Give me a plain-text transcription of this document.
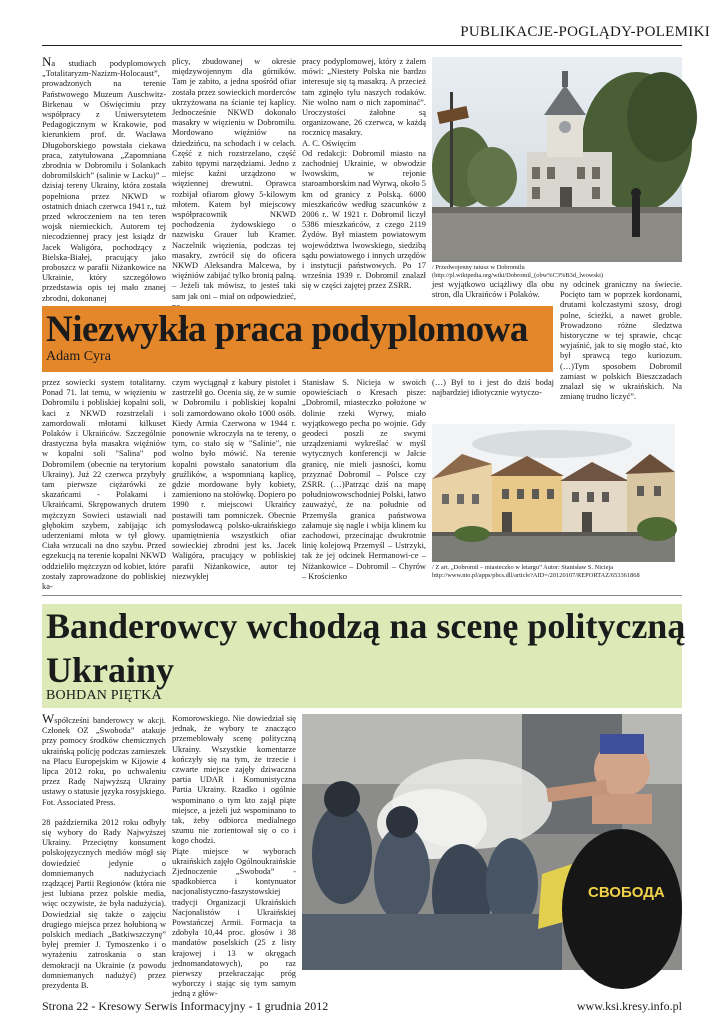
PUBLIKACJE-POGLĄDY-POLEMIKI

Na studiach podyplomowych „Totalitaryzm-Nazizm-Holocaust”, prowadzonych na terenie Państwowego Muzeum Auschwitz-Birkenau w Oświęcimiu przy współpracy z Uniwersytetem Pedagogicznym w Krakowie, pod kierunkiem prof. dr. Wacława Długoborskiego powstała ciekawa praca, zatytułowana „Zapomniana zbrodnia w Dobromilu i Solankach dobromilskich” (salinie w Lacku)” – dzisiaj tereny Ukrainy, która została popełniona przez NKWD w ostatnich dniach czerwca 1941 r., tuż przed wkroczeniem na ten teren wojsk niemieckich. Autorem tej niecodziennej pracy jest ksiądz dr Jacek Waligóra, pochodzący z Bielska-Białej, pracujący jako proboszcz w parafii Niżankowice na Ukrainie, który szczegółowo przedstawia opis tej mało znanej zbrodni, dokonanej

plicy, zbudowanej w okresie międzywojennym dla górników. Tam je zabito, a jedna spośród ofiar została przez sowieckich morderców ukrzyżowana na ścianie tej kaplicy. Jednocześnie NKWD dokonało masakry w więzieniu w Dobromilu. Mordowano więźniów na dziedzińcu, na schodach i w celach. Część z nich rozstrzelano, część zabito tępymi narzędziami. Jedno z miejsc kaźni urządzono w więziennej drewutni. Oprawca rozbijał ofiarom głowy 5-kilowym młotem. Katem był miejscowy współpracownik NKWD pochodzenia żydowskiego o nazwisku Grauer lub Kramer. Naczelnik więzienia, podczas tej masakry, zwrócił się do oficera NKWD Aleksandra Malcewa, by więźniów zabijać tylko bronią palną. – Jeżeli tak mówisz, to jesteś taki sam jak oni – miał on odpowiedzieć,

pracy podyplomowej, który z żalem mówi: „Niestety Polska nie bardzo interesuje się tą masakrą. A przecież tam zginęło tylu naszych rodaków. Nie wolno nam o nich zapominać”. Uroczystości żałobne są organizowane, 26 czerwca, w każdą rocznicę masakry.

A. C. Oświęcim

Od redakcji: Dobromil miasto na zachodniej Ukrainie, w obwodzie lwowskim, w rejonie staroamborskim nad Wyrwą, około 5 km od granicy z Polską. 6000 mieszkańców według szacunków z 2006 r.. W 1921 r. Dobromil liczył 5386 mieszkańców, z czego 2119 Żydów. Był miastem powiatowym województwa lwowskiego, siedzibą sądu powiatowego i innych urzędów i instytucji państwowych. Po 17 września 1939 r. Dobromil znalazł się w części zajętej przez ZSRR.

/ Przedwojenny ratusz w Dobromilu (http://pl.wikipedia.org/wiki/Dobromil_(obw%C3%B3d_lwowski)

jest wyjątkowo uciążliwy dla obu stron, dla Ukraińców i Polaków.

ny odcinek graniczny na świecie. Pocięto tam w poprzek kordonami, drutami kolczastymi szosy, drogi polne, ścieżki, a nawet groble. Prowadzono różne śledztwa historyczne w tej sprawie, chcąc wyjaśnić, jak to się mogło stać, kto był sprawcą tego kuriozum. (…)Tym sposobem Dobromil zamiast w polskich Bieszczadach znalazł się w ukraińskich. Na zmianę trudno liczyć”.

Niezwykła praca podyplomowa
Adam Cyra

przez sowiecki system totalitarny. Ponad 71. lat temu, w więzieniu w Dobromilu i pobliskiej kopalni soli, kaci z NKWD rozstrzelali i zamordowali młotami kilkuset Polaków i Ukraińców. Szczególnie drastyczna była masakra więźniów w kopalni soli "Salina" pod Dobromilem (obecnie na terytorium Ukrainy). Już 22 czerwca przybyły tam pierwsze ciężarówki ze skazańcami - Polakami i Ukraińcami. Skrępowanych drutem mężczyzn Sowieci ustawiali nad głębokim szybem, zabijając ich uderzeniami młota w tył głowy. Ciała wrzucali na dno szybu. Przed egzekucją na terenie kopalni NKWD oddzieliło mężczyzn od kobiet, które zostały zaprowadzone do pobliskiej ka-

czym wyciągnął z kabury pistolet i zastrzelił go. Ocenia się, że w sumie w Dobromilu i pobliskiej kopalni soli zamordowano około 1000 osób. Kiedy Armia Czerwona w 1944 r. ponownie wkroczyła na te tereny, o tym, co stało się w "Salinie", nie wolno było mówić. Na terenie kopalni powstało sanatorium dla gruźlików, a wspomnianą kaplicę, gdzie mordowane były kobiety, zamieniono na stołówkę. Dopiero po 1990 r. miejscowi Ukraińcy postawili tam pomniczek. Obecnie pomysłodawcą polsko-ukraińskiego upamiętnienia wszystkich ofiar sowieckiej zbrodni jest ks. Jacek Waligóra, pracujący w pobliskiej parafii Niżankowice, autor tej niezwykłej

Stanisław S. Nicieja w swoich opowieściach o Kresach pisze: „Dobromil, miasteczko położone w dolinie rzeki Wyrwy, miało wyjątkowego pecha po wojnie. Gdy geodeci poszli ze swymi urządzeniami wykreślać w myśl wytycznych konferencji w Jałcie granicę, nie mieli jasności, komu przyznać Dobromil – Polsce czy ZSRR. (…)Patrząc dziś na mapę południowowschodniej Polski, łatwo zauważyć, że na południe od Przemyśla granica państwowa załamuje się nagle i wbija klinem ku zachodowi, przecinając dwukrotnie linię kolejową Przemyśl – Ustrzyki, tak że jej odcinek Hermanowi-ce – Niżankowice – Dobromil – Chyrów – Krościenko

(…) Był to i jest do dziś bodaj najbardziej idiotycznie wytyczo-

/ Z art. „Dobromil – miasteczko w letargu” Autor: Stanisław S. Nicieja http://www.nto.pl/apps/pbcs.dll/article?AID=/20120107/REPORTAZ/653361868
Banderowcy wchodzą na scenę polityczną
Ukrainy
BOHDAN PIĘTKA

Współcześni banderowcy w akcji. Członek OZ „Swoboda” atakuje przy pomocy środków chemicznych ukraińską policję podczas zamieszek na Placu Europejskim w Kijowie 4 lipca 2012 roku, po uchwaleniu przez Radę Najwyższą Ukrainy ustawy o statusie języka rosyjskiego. Fot. Associated Press.

28 października 2012 roku odbyły się wybory do Rady Najwyższej Ukrainy. Przeciętny konsument polskojęzycznych mediów mógł się dowiedzieć jedynie o domniemanych nadużyciach rządzącej Partii Regionów (która nie jest lubiana przez polskie media, więc oczywiste, że była nadużycia). Dowiedział się także o zajęciu drugiego miejsca przez hołubioną w polskich mediach „Batkiwszczynę” byłej premier J. Tymoszenko i o wyrażeniu zatroskania o stan demokracji na Ukrainie (z powodu domniemanych nadużyć) przez prezydenta B.

Komorowskiego. Nie dowiedział się jednak, że wybory te znacząco przemeblowały scenę polityczną Ukrainy. Wszystkie komentarze kończyły się na tym, że trzecie i czwarte miejsce zajęły dziwaczna partia UDAR i Komunistyczna Partia Ukrainy. Rzadko i ogólnie wspominano o tym kto zajął piąte miejsce, a jeżeli już wspominano to tak, żeby odbiorca medialnego szumu nie zorientował się o co i kogo chodzi.

Piąte miejsce w wyborach ukraińskich zajęło Ogólnoukraińskie Zjednoczenie „Swoboda” - spadkobierca i kontynuator nacjonalistyczno-faszystowskiej tradycji Organizacji Ukraińskich Nacjonalistów i Ukraińskiej Powstańczej Armii. Formacja ta zdobyła 10,44 proc. głosów i 38 mandatów poselskich (25 z listy krajowej i 13 w okręgach jednomandatowych), po raz pierwszy przekraczając próg wyborczy i stając się tym samym jedną z głów-

СВОБОДА
Strona 22 - Kresowy Serwis Informacyjny - 1 grudnia 2012	www.ksi.kresy.info.pl
